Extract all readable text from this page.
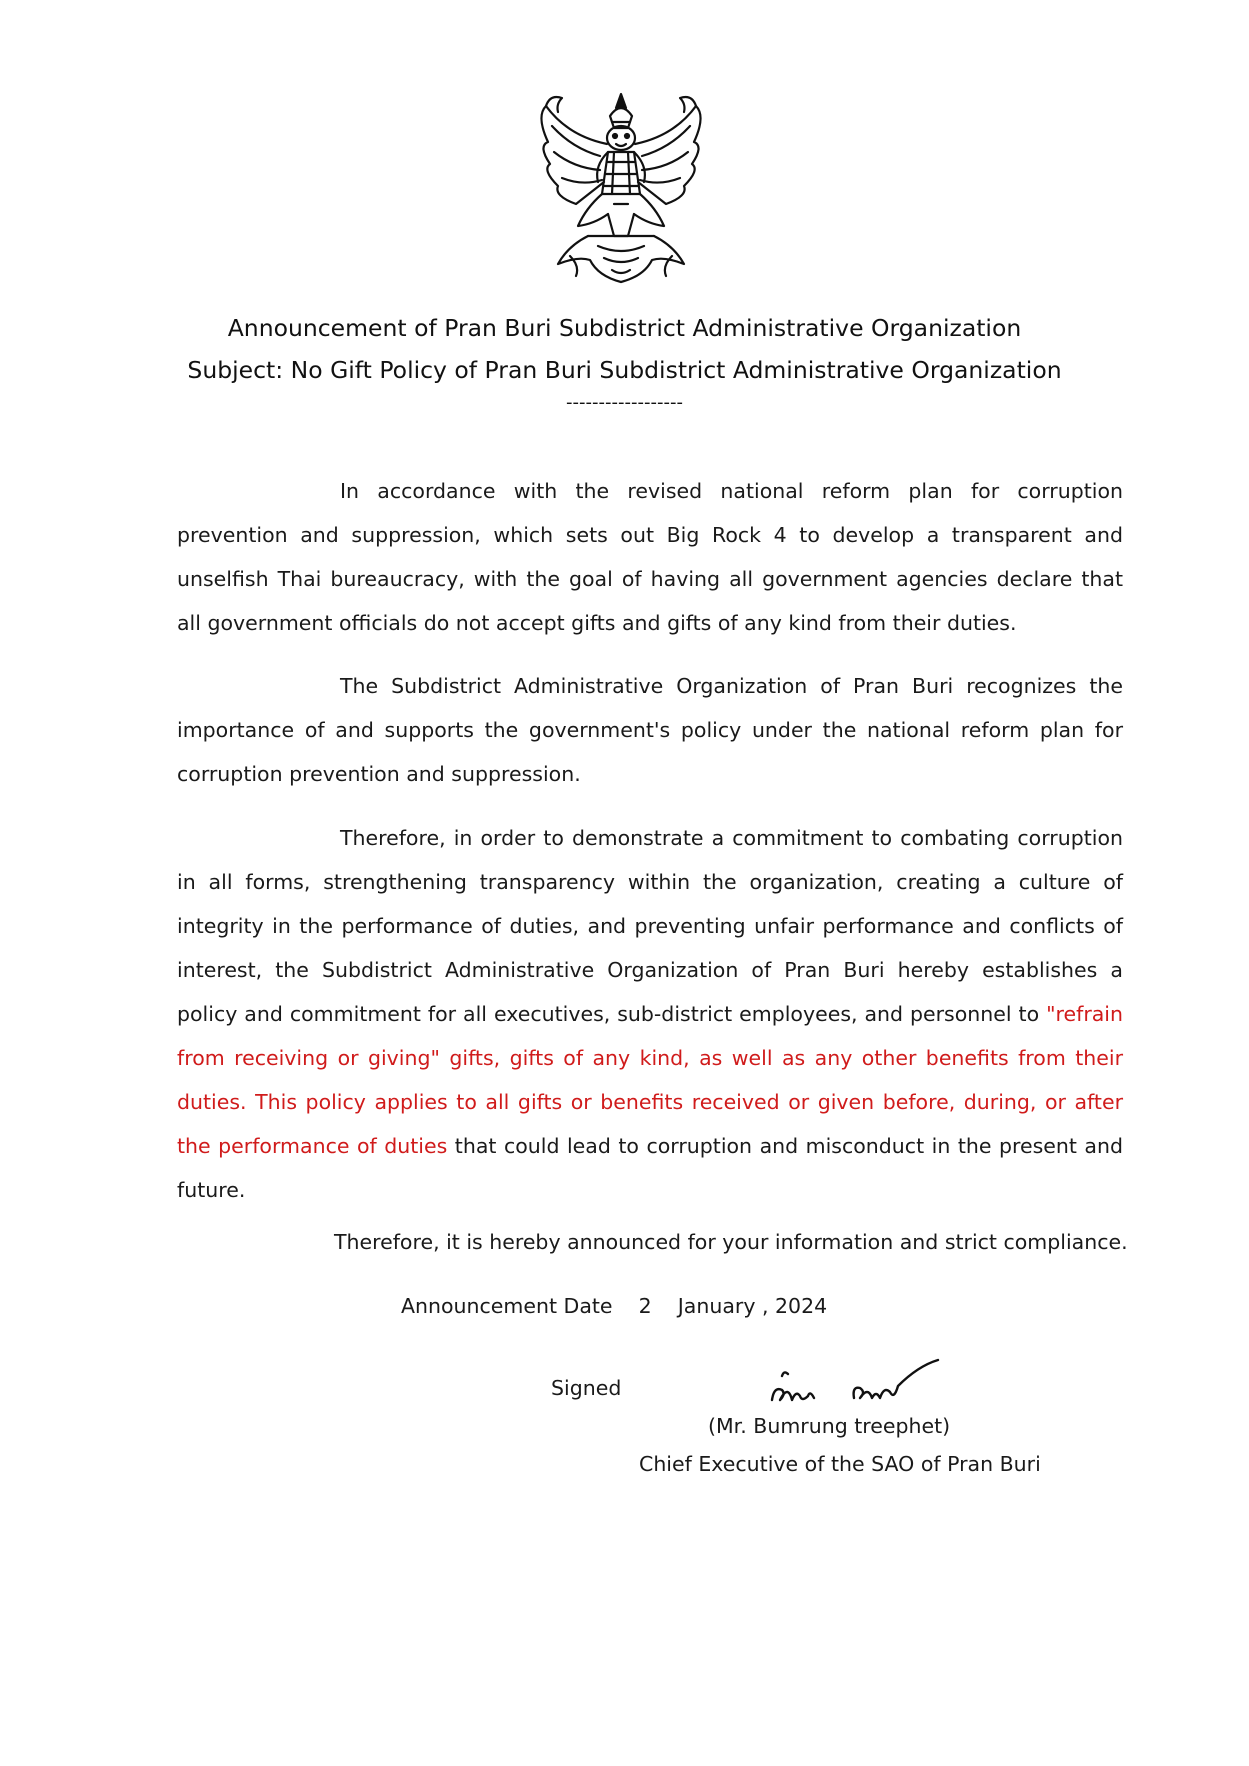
Announcement of Pran Buri Subdistrict Administrative Organization
Subject: No Gift Policy of Pran Buri Subdistrict Administrative Organization
------------------

In accordance with the revised national reform plan for corruption prevention and suppression, which sets out Big Rock 4 to develop a transparent and unselfish Thai bureaucracy, with the goal of having all government agencies declare that all government officials do not accept gifts and gifts of any kind from their duties.

The Subdistrict Administrative Organization of Pran Buri recognizes the importance of and supports the government's policy under the national reform plan for corruption prevention and suppression.

Therefore, in order to demonstrate a commitment to combating corruption in all forms, strengthening transparency within the organization, creating a culture of integrity in the performance of duties, and preventing unfair performance and conflicts of interest, the Subdistrict Administrative Organization of Pran Buri hereby establishes a policy and commitment for all executives, sub-district employees, and personnel to "refrain from receiving or giving" gifts, gifts of any kind, as well as any other benefits from their duties. This policy applies to all gifts or benefits received or given before, during, or after the performance of duties that could lead to corruption and misconduct in the present and future.

Therefore, it is hereby announced for your information and strict compliance.
Announcement Date 2 January , 2024
Signed
(Mr. Bumrung treephet)
Chief Executive of the SAO of Pran Buri
